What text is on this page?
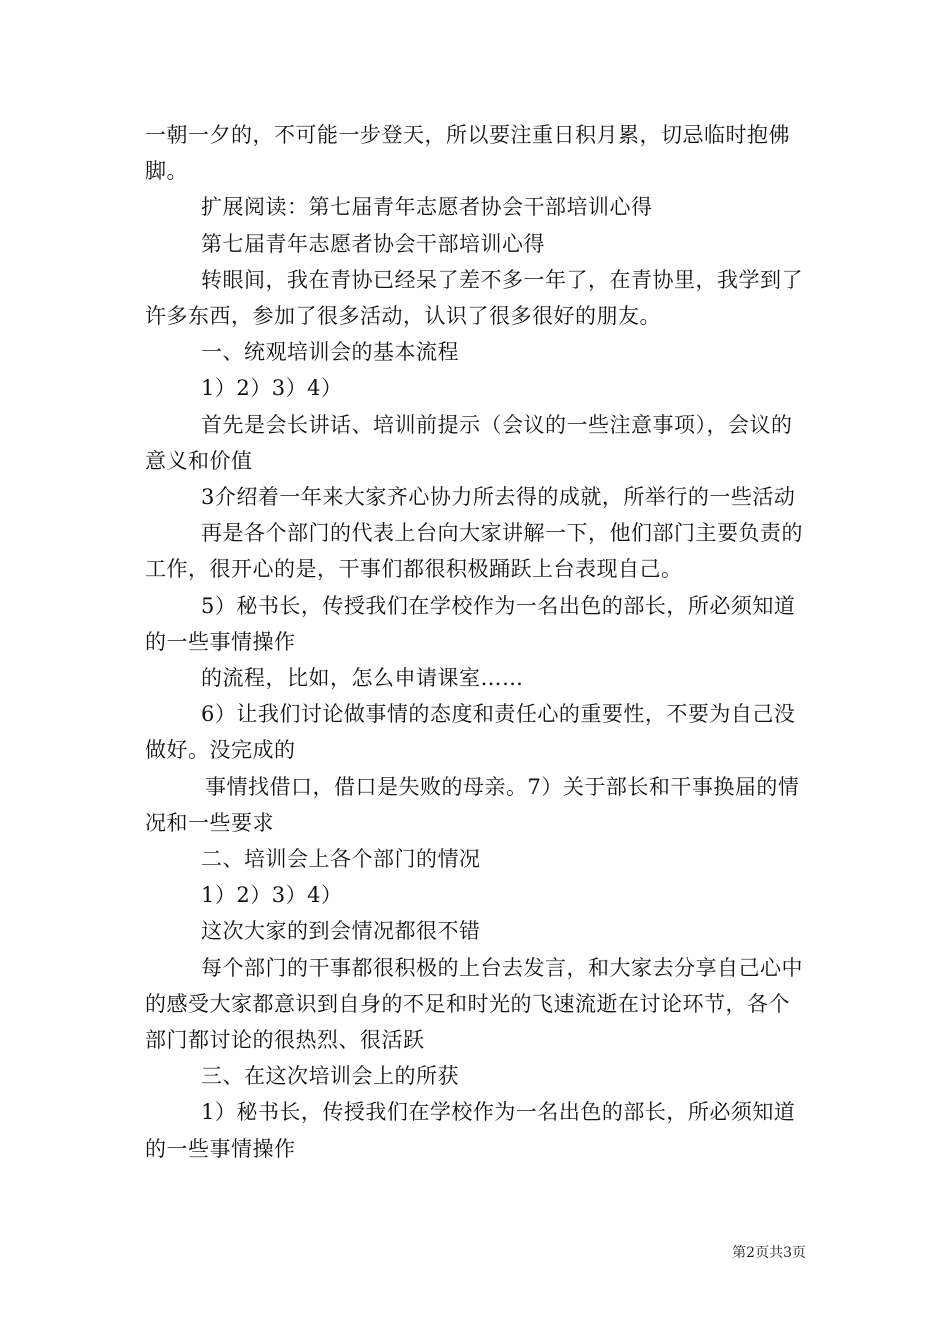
一朝一夕的，不可能一步登天，所以要注重日积月累，切忌临时抱佛脚。

扩展阅读：第七届青年志愿者协会干部培训心得

第七届青年志愿者协会干部培训心得

转眼间，我在青协已经呆了差不多一年了，在青协里，我学到了许多东西，参加了很多活动，认识了很多很好的朋友。

一、统观培训会的基本流程

1）2）3）4）

首先是会长讲话、培训前提示（会议的一些注意事项），会议的意义和价值

3介绍着一年来大家齐心协力所去得的成就，所举行的一些活动

再是各个部门的代表上台向大家讲解一下，他们部门主要负责的工作，很开心的是，干事们都很积极踊跃上台表现自己。

5）秘书长，传授我们在学校作为一名出色的部长，所必须知道的一些事情操作

的流程，比如，怎么申请课室……

6）让我们讨论做事情的态度和责任心的重要性，不要为自己没做好。没完成的

事情找借口，借口是失败的母亲。7）关于部长和干事换届的情况和一些要求

二、培训会上各个部门的情况

1）2）3）4）

这次大家的到会情况都很不错

每个部门的干事都很积极的上台去发言，和大家去分享自己心中的感受大家都意识到自身的不足和时光的飞速流逝在讨论环节，各个部门都讨论的很热烈、很活跃

三、在这次培训会上的所获

1）秘书长，传授我们在学校作为一名出色的部长，所必须知道的一些事情操作

第2页共3页
